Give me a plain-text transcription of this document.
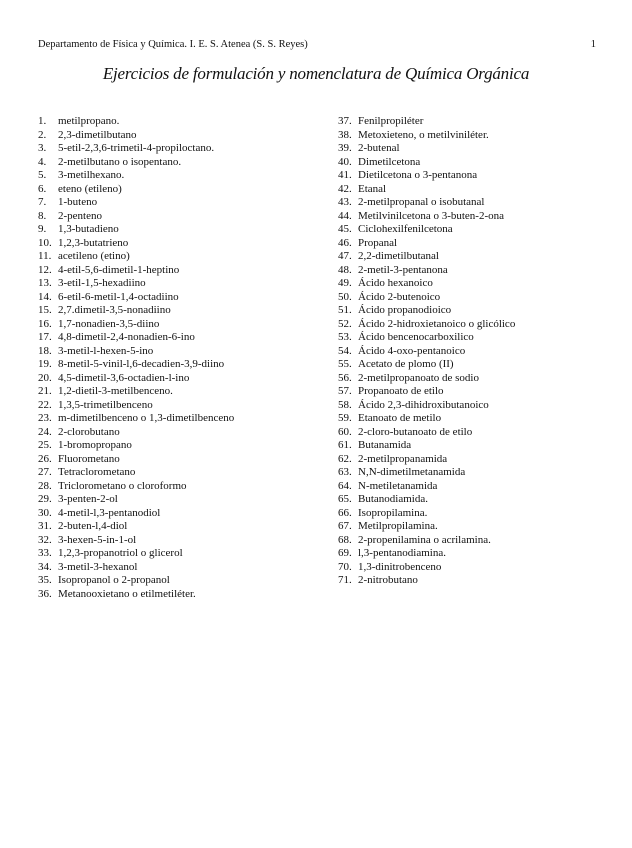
Departamento de Física y Química. I. E. S. Atenea (S. S. Reyes)	1
Ejercicios de formulación y nomenclatura de Química Orgánica
1. metilpropano.
2. 2,3-dimetilbutano
3. 5-etil-2,3,6-trimetil-4-propiloctano.
4. 2-metilbutano o isopentano.
5. 3-metilhexano.
6. eteno (etileno)
7. 1-buteno
8. 2-penteno
9. 1,3-butadieno
10. 1,2,3-butatrieno
11. acetileno (etino)
12. 4-etil-5,6-dimetil-1-heptino
13. 3-etil-1,5-hexadiino
14. 6-etil-6-metil-1,4-octadiino
15. 2,7.dimetil-3,5-nonadiino
16. 1,7-nonadien-3,5-diino
17. 4,8-dimetil-2,4-nonadien-6-ino
18. 3-metil-l-hexen-5-ino
19. 8-metil-5-vinil-l,6-decadien-3,9-diino
20. 4,5-dimetil-3,6-octadien-l-ino
21. 1,2-dietil-3-metilbenceno.
22. 1,3,5-trimetilbenceno
23. m-dimetilbenceno o 1,3-dimetilbenceno
24. 2-clorobutano
25. 1-bromopropano
26. Fluorometano
27. Tetraclorometano
28. Triclorometano o cloroformo
29. 3-penten-2-ol
30. 4-metil-l,3-pentanodiol
31. 2-buten-l,4-diol
32. 3-hexen-5-in-1-ol
33. 1,2,3-propanotriol o glicerol
34. 3-metil-3-hexanol
35. Isopropanol o 2-propanol
36. Metanooxietano o etilmetiléter.
37. Fenilpropiléter
38. Metoxieteno, o metilviniléter.
39. 2-butenal
40. Dimetilcetona
41. Dietilcetona o 3-pentanona
42. Etanal
43. 2-metilpropanal o isobutanal
44. Metilvinilcetona o 3-buten-2-ona
45. Ciclohexilfenilcetona
46. Propanal
47. 2,2-dimetilbutanal
48. 2-metil-3-pentanona
49. Ácido hexanoico
50. Ácido 2-butenoico
51. Ácido propanodioico
52. Ácido 2-hidroxietanoico o glicólico
53. Ácido bencenocarboxilico
54. Ácido 4-oxo-pentanoico
55. Acetato de plomo (II)
56. 2-metilpropanoato de sodio
57. Propanoato de etilo
58. Ácido 2,3-dihidroxibutanoico
59. Etanoato de metilo
60. 2-cloro-butanoato de etilo
61. Butanamida
62. 2-metilpropanamida
63. N,N-dimetilmetanamida
64. N-metiletanamida
65. Butanodiamida.
66. Isopropilamina.
67. Metilpropilamina.
68. 2-propenilamina o acrilamina.
69. l,3-pentanodiamina.
70. 1,3-dinitrobenceno
71. 2-nitrobutano
